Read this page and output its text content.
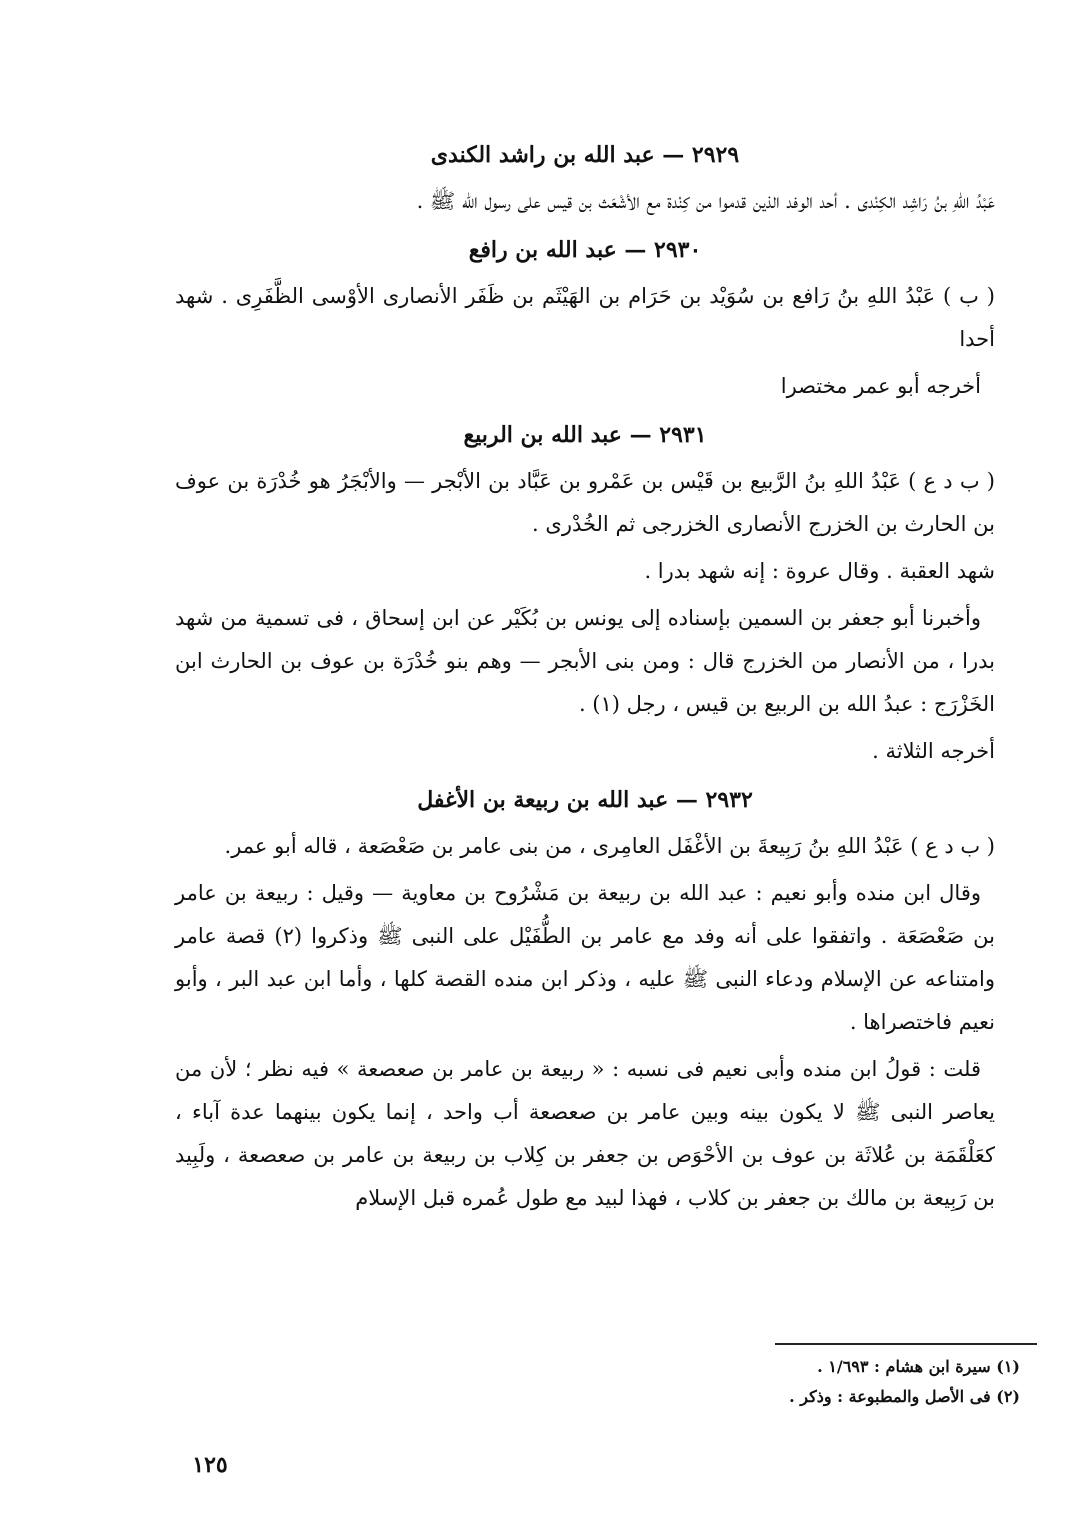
٢٩٢٩ — عبد الله بن راشد الكندى

عَبْدُ اللهِ بنُ رَاشِد الكِنْدى . أحد الوفد الذين قدموا من كِنْدة مع الأشْعَث بن قيس على رسول الله ﷺ .

٢٩٣٠ — عبد الله بن رافع

( ب ) عَبْدُ اللهِ بنُ رَافع بن سُوَيْد بن حَرَام بن الهَيْثَم بن ظَفَر الأنصارى الأوْسى الظَّفَرِى . شهد أحدا

أخرجه أبو عمر مختصرا

٢٩٣١ — عبد الله بن الربيع

( ب د ع ) عَبْدُ اللهِ بنُ الرَّبيع بن قَيْس بن عَمْرو بن عَبَّاد بن الأبْجر — والأبْجَرُ هو خُدْرَة بن عوف بن الحارث بن الخزرج الأنصارى الخزرجى ثم الخُدْرى .

شهد العقبة . وقال عروة : إنه شهد بدرا .

وأخبرنا أبو جعفر بن السمين بإسناده إلى يونس بن بُكَيْر عن ابن إسحاق ، فى تسمية من شهد بدرا ، من الأنصار من الخزرج قال : ومن بنى الأبجر — وهم بنو خُدْرَة بن عوف بن الحارث ابن الخَزْرَج : عبدُ الله بن الربيع بن قيس ، رجل (١) .

أخرجه الثلاثة .

٢٩٣٢ — عبد الله بن ربيعة بن الأغفل

( ب د ع ) عَبْدُ اللهِ بنُ رَبِيعةَ بن الأغْفَل العامِرى ، من بنى عامر بن صَعْصَعة ، قاله أبو عمر.

وقال ابن منده وأبو نعيم : عبد الله بن ربيعة بن مَشْرُوح بن معاوية — وقيل : ربيعة بن عامر بن صَعْصَعَة . واتفقوا على أنه وفد مع عامر بن الطُّفَيْل على النبى ﷺ وذكروا (٢) قصة عامر وامتناعه عن الإسلام ودعاء النبى ﷺ عليه ، وذكر ابن منده القصة كلها ، وأما ابن عبد البر ، وأبو نعيم فاختصراها .

قلت : قولُ ابن منده وأبى نعيم فى نسبه : « ربيعة بن عامر بن صعصعة » فيه نظر ؛ لأن من يعاصر النبى ﷺ لا يكون بينه وبين عامر بن صعصعة أب واحد ، إنما يكون بينهما عدة آباء ، كعَلْقَمَة بن عُلاثَة بن عوف بن الأحْوَص بن جعفر بن كِلاب بن ربيعة بن عامر بن صعصعة ، ولَبِيد بن رَبِيعة بن مالك بن جعفر بن كلاب ، فهذا لبيد مع طول عُمره قبل الإسلام

(١) سيرة ابن هشام : ١/٦٩٣ .
(٢) فى الأصل والمطبوعة : وذكر .
١٢٥
